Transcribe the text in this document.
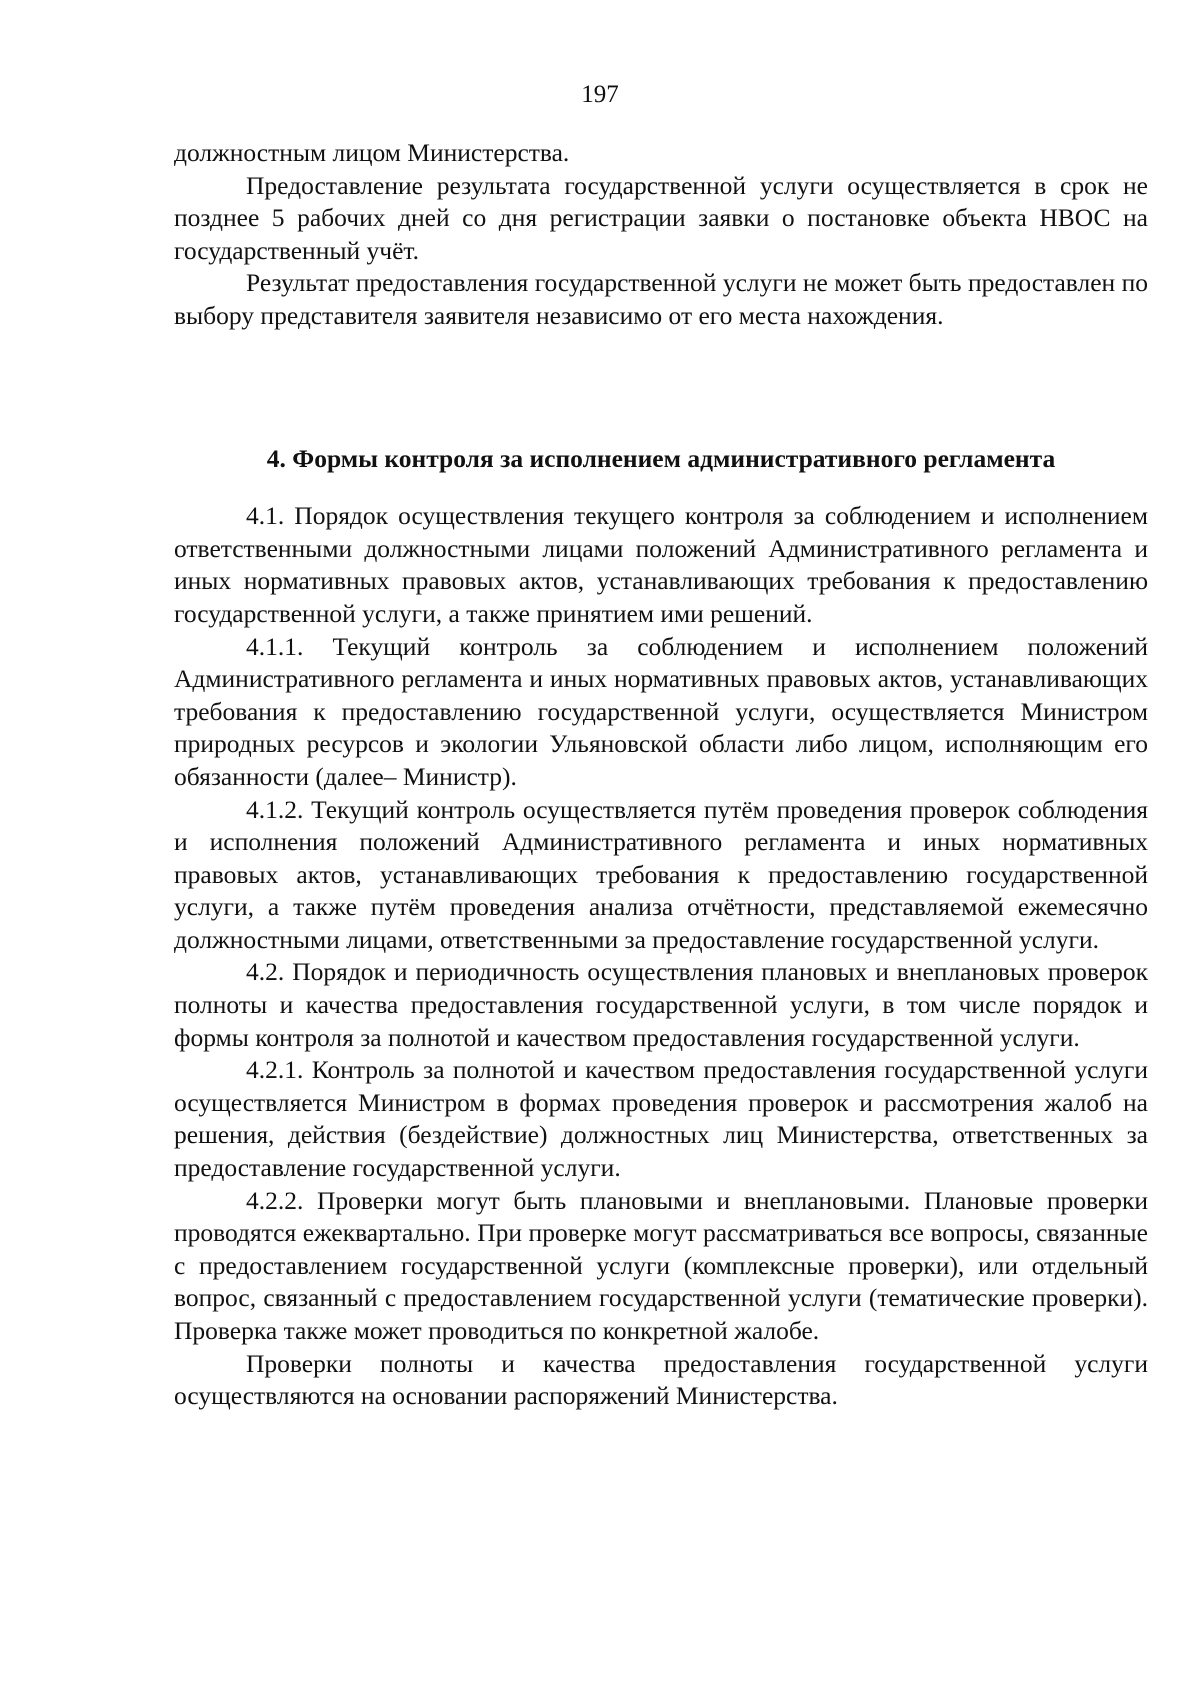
197

должностным лицом Министерства.

Предоставление результата государственной услуги осуществляется в срок не позднее 5 рабочих дней со дня регистрации заявки о постановке объекта НВОС на государственный учёт.

Результат предоставления государственной услуги не может быть предоставлен по выбору представителя заявителя независимо от его места нахождения.

4. Формы контроля за исполнением административного регламента

4.1. Порядок осуществления текущего контроля за соблюдением и исполнением ответственными должностными лицами положений Административного регламента и иных нормативных правовых актов, устанавливающих требования к предоставлению государственной услуги, а также принятием ими решений.

4.1.1. Текущий контроль за соблюдением и исполнением положений Административного регламента и иных нормативных правовых актов, устанавливающих требования к предоставлению государственной услуги, осуществляется Министром природных ресурсов и экологии Ульяновской области либо лицом, исполняющим его обязанности (далее– Министр).

4.1.2. Текущий контроль осуществляется путём проведения проверок соблюдения и исполнения положений Административного регламента и иных нормативных правовых актов, устанавливающих требования к предоставлению государственной услуги, а также путём проведения анализа отчётности, представляемой ежемесячно должностными лицами, ответственными за предоставление государственной услуги.

4.2. Порядок и периодичность осуществления плановых и внеплановых проверок полноты и качества предоставления государственной услуги, в том числе порядок и формы контроля за полнотой и качеством предоставления государственной услуги.

4.2.1. Контроль за полнотой и качеством предоставления государственной услуги осуществляется Министром в формах проведения проверок и рассмотрения жалоб на решения, действия (бездействие) должностных лиц Министерства, ответственных за предоставление государственной услуги.

4.2.2. Проверки могут быть плановыми и внеплановыми. Плановые проверки проводятся ежеквартально. При проверке могут рассматриваться все вопросы, связанные с предоставлением государственной услуги (комплексные проверки), или отдельный вопрос, связанный с предоставлением государственной услуги (тематические проверки). Проверка также может проводиться по конкретной жалобе.

Проверки полноты и качества предоставления государственной услуги осуществляются на основании распоряжений Министерства.
